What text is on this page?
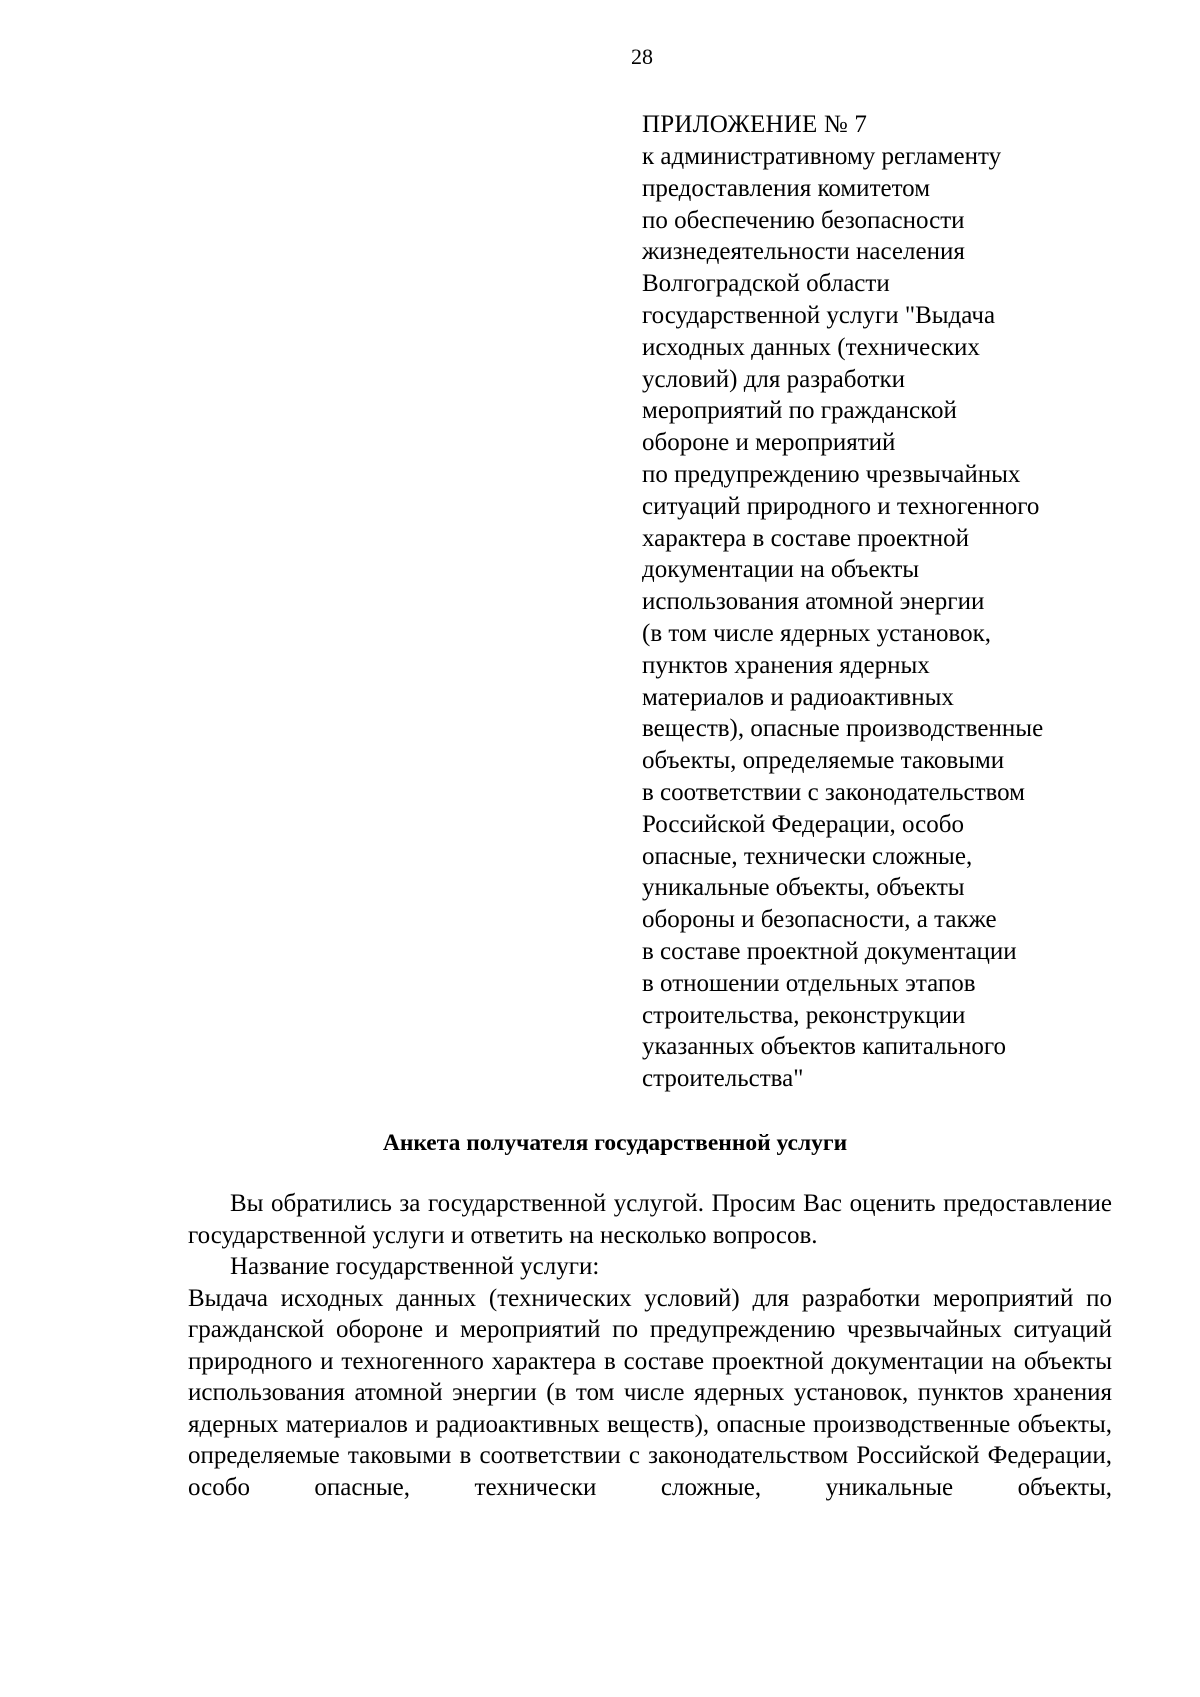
28
ПРИЛОЖЕНИЕ № 7
к административному регламенту
предоставления комитетом
по обеспечению безопасности
жизнедеятельности населения
Волгоградской области
государственной услуги "Выдача
исходных данных (технических
условий) для разработки
мероприятий по гражданской
обороне и мероприятий
по предупреждению чрезвычайных
ситуаций природного и техногенного
характера в составе проектной
документации на объекты
использования атомной энергии
(в том числе ядерных установок,
пунктов хранения ядерных
материалов и радиоактивных
веществ), опасные производственные
объекты, определяемые таковыми
в соответствии с законодательством
Российской Федерации, особо
опасные, технически сложные,
уникальные объекты, объекты
обороны и безопасности, а также
в составе проектной документации
в отношении отдельных этапов
строительства, реконструкции
указанных объектов капитального
строительства"
Анкета получателя государственной услуги

Вы обратились за государственной услугой. Просим Вас оценить предоставление государственной услуги и ответить на несколько вопросов.

Название государственной услуги:

Выдача исходных данных (технических условий) для разработки мероприятий по гражданской обороне и мероприятий по предупреждению чрезвычайных ситуаций природного и техногенного характера в составе проектной документации на объекты использования атомной энергии (в том числе ядерных установок, пунктов хранения ядерных материалов и радиоактивных веществ), опасные производственные объекты, определяемые таковыми в соответствии с законодательством Российской Федерации, особо опасные, технически сложные, уникальные объекты,
